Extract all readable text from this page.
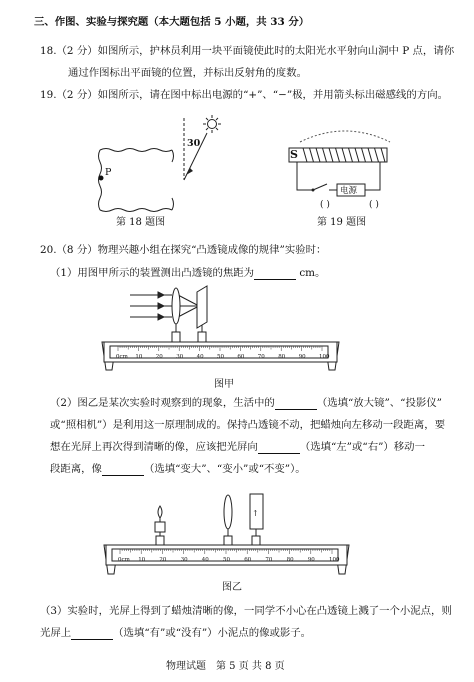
三、作图、实验与探究题（本大题包括 5 小题，共 33 分）
18.（2 分）如图所示，护林员利用一块平面镜使此时的太阳光水平射向山洞中 P 点，请你
通过作图标出平面镜的位置，并标出反射角的度数。
19.（2 分）如图所示，请在图中标出电源的“+”、“−”极，并用箭头标出磁感线的方向。
30
P
第 18 题图
S
电源
( )	( )
第 19 题图
20.（8 分）物理兴趣小组在探究“凸透镜成像的规律”实验时：
（1）用图甲所示的装置测出凸透镜的焦距为	cm。
↑
0cm 10 20 30 40 50 60 70 80 90 100
图甲
（2）图乙是某次实验时观察到的现象，生活中的	（选填“放大镜”、“投影仪”
或“照相机”）是利用这一原理制成的。保持凸透镜不动，把蜡烛向左移动一段距离，要
想在光屏上再次得到清晰的像，应该把光屏向	（选填“左”或“右”）移动一
段距离，像	（选填“变大”、“变小”或“不变”）。
0cm 10	20	30	40	50	60	70	80	90	100
图乙
（3）实验时，光屏上得到了蜡烛清晰的像，一同学不小心在凸透镜上溅了一个小泥点，则
光屏上	（选填“有”或“没有”）小泥点的像或影子。
物理试题　第 5 页 共 8 页
